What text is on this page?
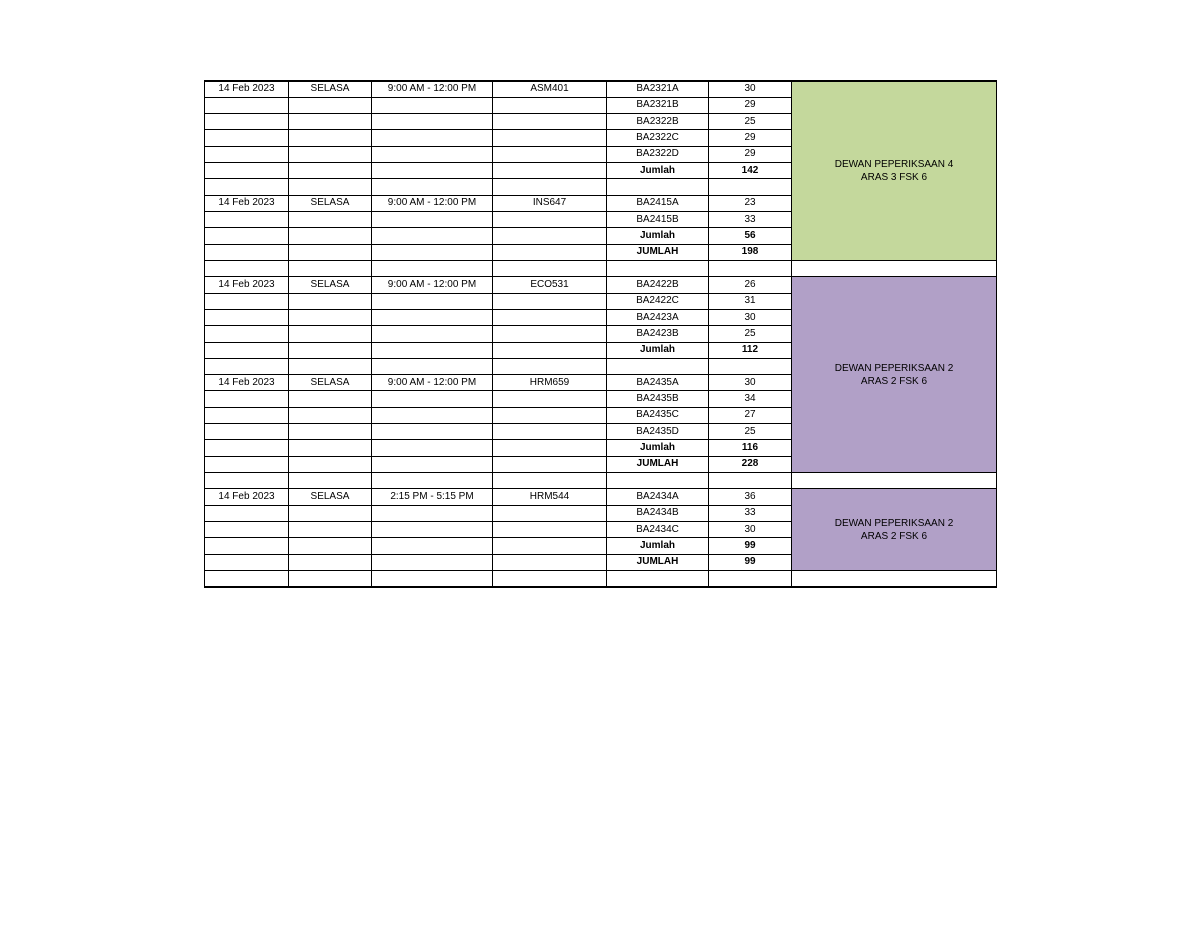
14 Feb 2023	SELASA	9:00 AM - 12:00 PM	ASM401	BA2321A	30	DEWAN PEPERIKSAAN 4
ARAS 3 FSK 6

				BA2321B	29	
				BA2322B	25	
				BA2322C	29	
				BA2322D	29	
				Jumlah	142	

14 Feb 2023	SELASA	9:00 AM - 12:00 PM	INS647	BA2415A	23	
				BA2415B	33	
				Jumlah	56	
				JUMLAH	198	

14 Feb 2023	SELASA	9:00 AM - 12:00 PM	ECO531	BA2422B	26	DEWAN PEPERIKSAAN 2
ARAS 2 FSK 6

				BA2422C	31	
				BA2423A	30	
				BA2423B	25	
				Jumlah	112	

14 Feb 2023	SELASA	9:00 AM - 12:00 PM	HRM659	BA2435A	30	
				BA2435B	34	
				BA2435C	27	
				BA2435D	25	
				Jumlah	116	
				JUMLAH	228	

14 Feb 2023	SELASA	2:15 PM - 5:15 PM	HRM544	BA2434A	36	DEWAN PEPERIKSAAN 2
ARAS 2 FSK 6

				BA2434B	33	
				BA2434C	30	
				Jumlah	99	
				JUMLAH	99	
